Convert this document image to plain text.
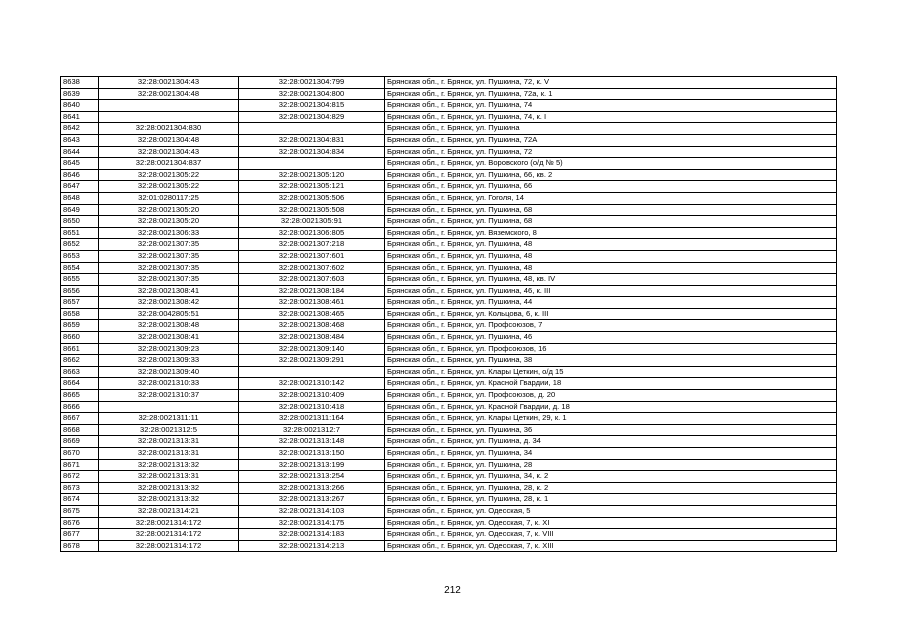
8638	32:28:0021304:43	32:28:0021304:799	Брянская обл., г. Брянск, ул. Пушкина, 72, к. V
8639	32:28:0021304:48	32:28:0021304:800	Брянская обл., г. Брянск, ул. Пушкина, 72а, к. 1
8640		32:28:0021304:815	Брянская обл., г. Брянск, ул. Пушкина, 74
8641		32:28:0021304:829	Брянская обл., г. Брянск, ул. Пушкина, 74, к. I
8642	32:28:0021304:830		Брянская обл., г. Брянск, ул. Пушкина
8643	32:28:0021304:48	32:28:0021304:831	Брянская обл., г. Брянск, ул. Пушкина, 72А
8644	32:28:0021304:43	32:28:0021304:834	Брянская обл., г. Брянск, ул. Пушкина, 72
8645	32:28:0021304:837		Брянская обл., г. Брянск, ул. Воровского (о/д № 5)
8646	32:28:0021305:22	32:28:0021305:120	Брянская обл., г. Брянск, ул. Пушкина, 66, кв. 2
8647	32:28:0021305:22	32:28:0021305:121	Брянская обл., г. Брянск, ул. Пушкина, 66
8648	32:01:0280117:25	32:28:0021305:506	Брянская обл., г. Брянск, ул. Гоголя, 14
8649	32:28:0021305:20	32:28:0021305:508	Брянская обл., г. Брянск, ул. Пушкина, 68
8650	32:28:0021305:20	32:28:0021305:91	Брянская обл., г. Брянск, ул. Пушкина, 68
8651	32:28:0021306:33	32:28:0021306:805	Брянская обл., г. Брянск, ул. Вяземского, 8
8652	32:28:0021307:35	32:28:0021307:218	Брянская обл., г. Брянск, ул. Пушкина, 48
8653	32:28:0021307:35	32:28:0021307:601	Брянская обл., г. Брянск, ул. Пушкина, 48
8654	32:28:0021307:35	32:28:0021307:602	Брянская обл., г. Брянск, ул. Пушкина, 48
8655	32:28:0021307:35	32:28:0021307:603	Брянская обл., г. Брянск, ул. Пушкина, 48, кв. IV
8656	32:28:0021308:41	32:28:0021308:184	Брянская обл., г. Брянск, ул. Пушкина, 46, к. III
8657	32:28:0021308:42	32:28:0021308:461	Брянская обл., г. Брянск, ул. Пушкина, 44
8658	32:28:0042805:51	32:28:0021308:465	Брянская обл., г. Брянск, ул. Кольцова, 6, к. III
8659	32:28:0021308:48	32:28:0021308:468	Брянская обл., г. Брянск, ул. Профсоюзов, 7
8660	32:28:0021308:41	32:28:0021308:484	Брянская обл., г. Брянск, ул. Пушкина, 46
8661	32:28:0021309:23	32:28:0021309:140	Брянская обл., г. Брянск, ул. Профсоюзов, 16
8662	32:28:0021309:33	32:28:0021309:291	Брянская обл., г. Брянск, ул. Пушкина, 38
8663	32:28:0021309:40		Брянская обл., г. Брянск, ул. Клары Цеткин, о/д 15
8664	32:28:0021310:33	32:28:0021310:142	Брянская обл., г. Брянск, ул. Красной Гвардии, 18
8665	32:28:0021310:37	32:28:0021310:409	Брянская обл., г. Брянск, ул. Профсоюзов, д. 20
8666		32:28:0021310:418	Брянская обл., г. Брянск, ул. Красной Гвардии, д. 18
8667	32:28:0021311:11	32:28:0021311:164	Брянская обл., г. Брянск, ул. Клары Цеткин, 29, к. 1
8668	32:28:0021312:5	32:28:0021312:7	Брянская обл., г. Брянск, ул. Пушкина, 36
8669	32:28:0021313:31	32:28:0021313:148	Брянская обл., г. Брянск, ул. Пушкина, д. 34
8670	32:28:0021313:31	32:28:0021313:150	Брянская обл., г. Брянск, ул. Пушкина, 34
8671	32:28:0021313:32	32:28:0021313:199	Брянская обл., г. Брянск, ул. Пушкина, 28
8672	32:28:0021313:31	32:28:0021313:254	Брянская обл., г. Брянск, ул. Пушкина, 34, к. 2
8673	32:28:0021313:32	32:28:0021313:266	Брянская обл., г. Брянск, ул. Пушкина, 28, к. 2
8674	32:28:0021313:32	32:28:0021313:267	Брянская обл., г. Брянск, ул. Пушкина, 28, к. 1
8675	32:28:0021314:21	32:28:0021314:103	Брянская обл., г. Брянск, ул. Одесская, 5
8676	32:28:0021314:172	32:28:0021314:175	Брянская обл., г. Брянск, ул. Одесская, 7, к. XI
8677	32:28:0021314:172	32:28:0021314:183	Брянская обл., г. Брянск, ул. Одесская, 7, к. VIII
8678	32:28:0021314:172	32:28:0021314:213	Брянская обл., г. Брянск, ул. Одесская, 7, к. XIII
212
